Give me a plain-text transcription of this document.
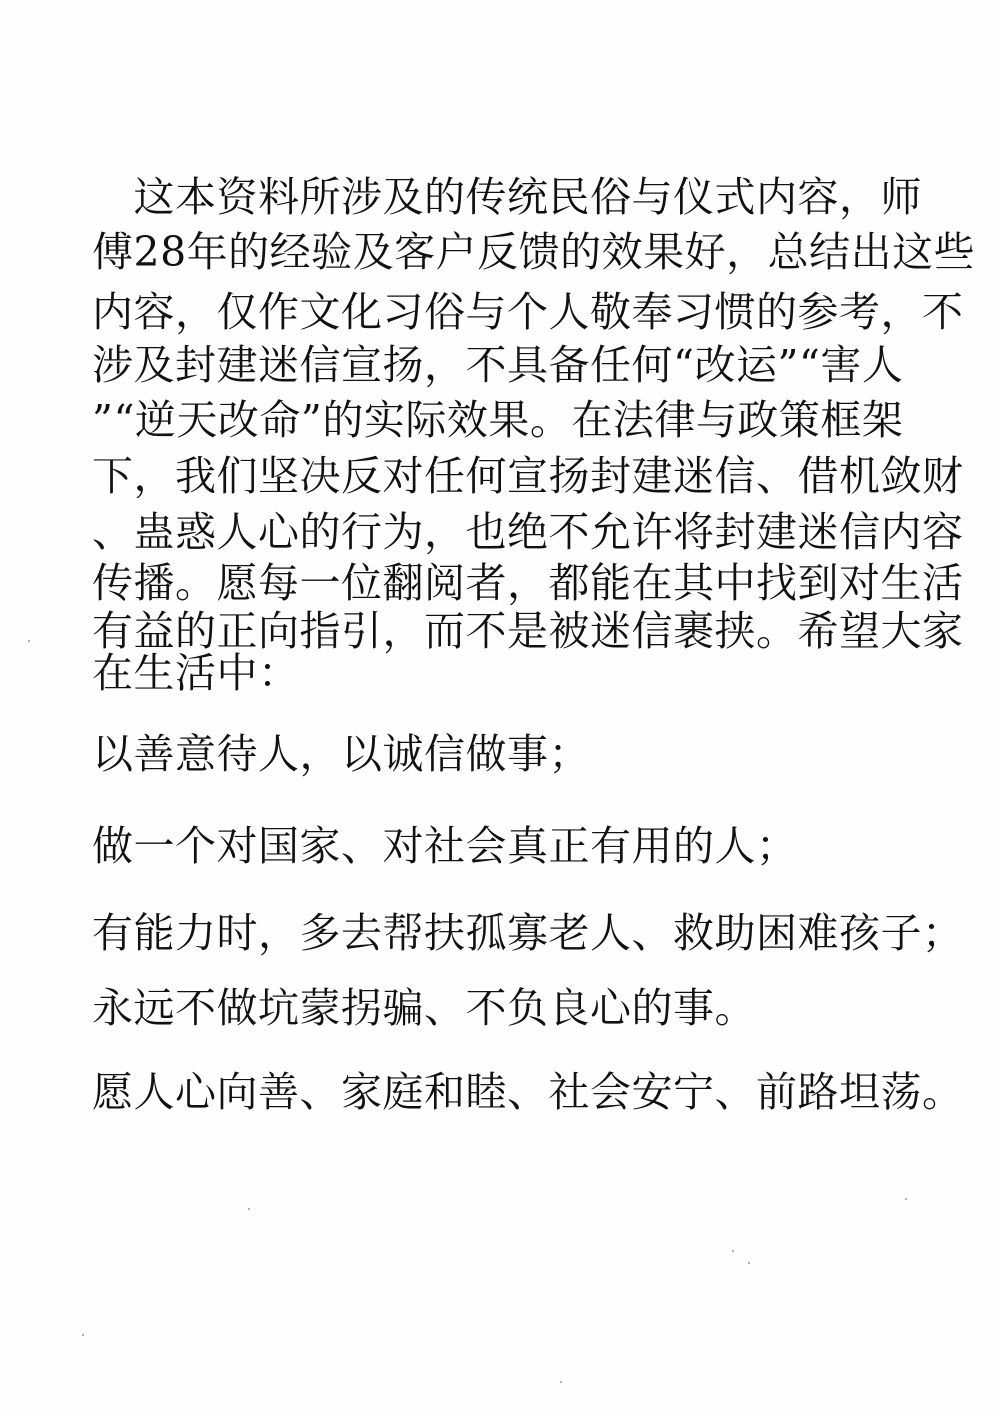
　这本资料所涉及的传统民俗与仪式内容，师
傅28年的经验及客户反馈的效果好，总结出这些
内容，仅作文化习俗与个人敬奉习惯的参考，不
涉及封建迷信宣扬，不具备任何“改运”“害人
”“逆天改命”的实际效果。在法律与政策框架
下，我们坚决反对任何宣扬封建迷信、借机敛财
、蛊惑人心的行为，也绝不允许将封建迷信内容
传播。愿每一位翻阅者，都能在其中找到对生活
有益的正向指引，而不是被迷信裹挟。希望大家
在生活中：
以善意待人，以诚信做事；
做一个对国家、对社会真正有用的人；
有能力时，多去帮扶孤寡老人、救助困难孩子；
永远不做坑蒙拐骗、不负良心的事。
愿人心向善、家庭和睦、社会安宁、前路坦荡。
